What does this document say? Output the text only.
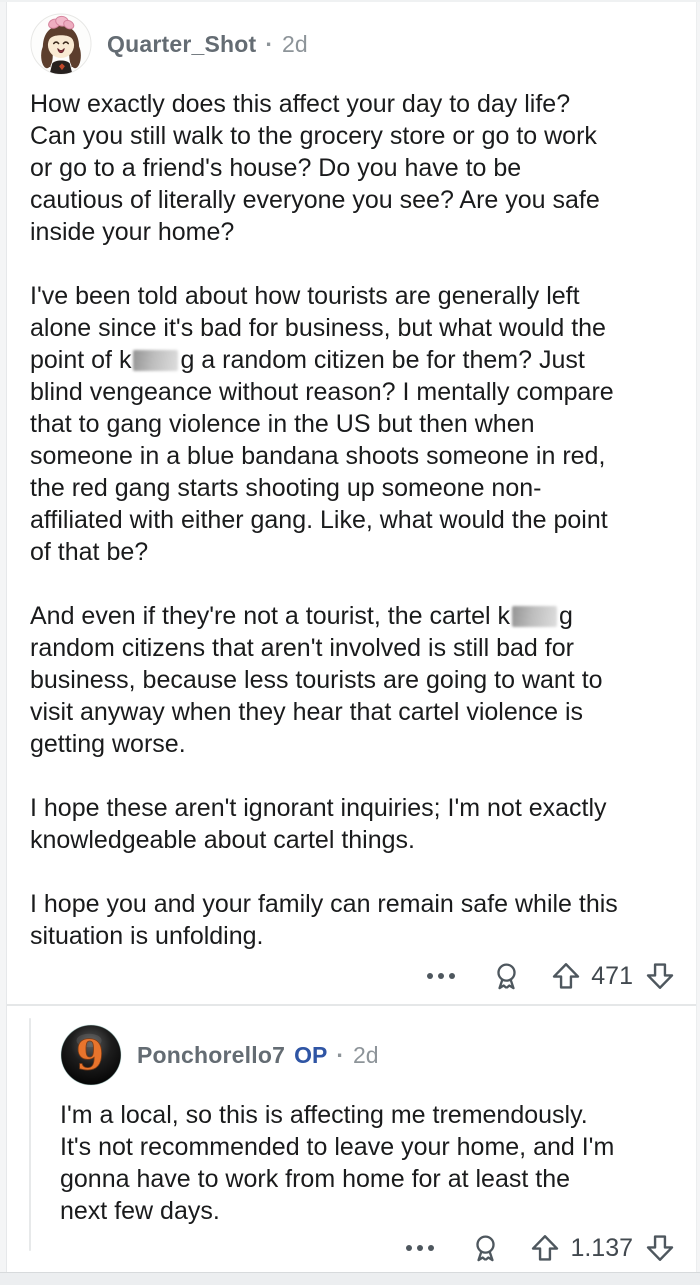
Quarter_Shot · 2d

How exactly does this affect your day to day life?
Can you still walk to the grocery store or go to work
or go to a friend's house? Do you have to be
cautious of literally everyone you see? Are you safe
inside your home?

I've been told about how tourists are generally left
alone since it's bad for business, but what would the
point of k g a random citizen be for them? Just
blind vengeance without reason? I mentally compare
that to gang violence in the US but then when
someone in a blue bandana shoots someone in red,
the red gang starts shooting up someone non-
affiliated with either gang. Like, what would the point
of that be?

And even if they're not a tourist, the cartel k g
random citizens that aren't involved is still bad for
business, because less tourists are going to want to
visit anyway when they hear that cartel violence is
getting worse.

I hope these aren't ignorant inquiries; I'm not exactly
knowledgeable about cartel things.

I hope you and your family can remain safe while this
situation is unfolding.

471
9 Ponchorello7 OP · 2d

I'm a local, so this is affecting me tremendously.
It's not recommended to leave your home, and I'm
gonna have to work from home for at least the
next few days.

1.137
